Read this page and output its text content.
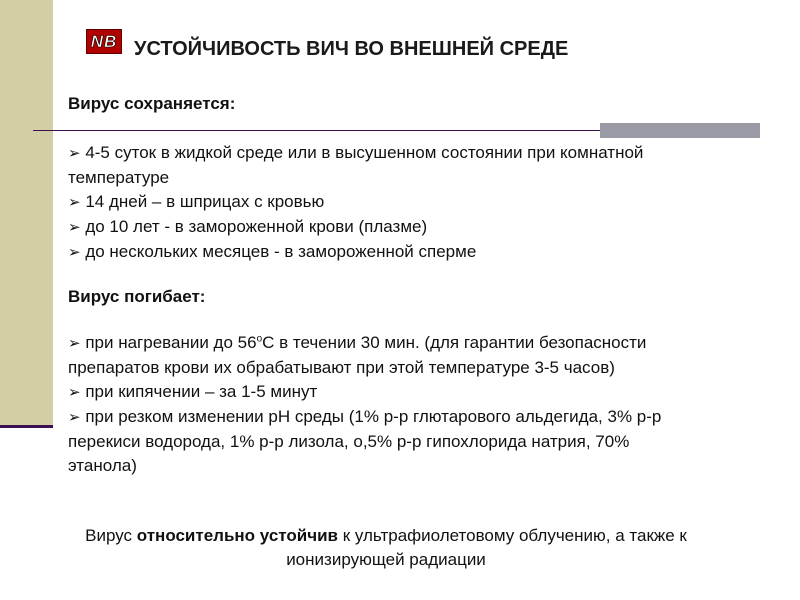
NB УСТОЙЧИВОСТЬ ВИЧ ВО ВНЕШНЕЙ СРЕДЕ
Вирус сохраняется:

➢ 4-5 суток в жидкой среде или в высушенном состоянии при комнатной температуре

➢ 14 дней – в шприцах с кровью

➢ до 10 лет - в замороженной крови (плазме)

➢ до нескольких месяцев - в замороженной сперме

Вирус погибает:

➢ при нагревании до $56^оС$ в течении 30 мин. (для гарантии безопасности препаратов крови их обрабатывают при этой температуре 3-5 часов)

➢ при кипячении – за 1-5 минут

➢ при резком изменении pH среды (1% р-р глютарового альдегида, 3% р-р перекиси водорода, 1% р-р лизола, о,5% р-р гипохлорида натрия, 70% этанола)

Вирус относительно устойчив к ультрафиолетовому облучению, а также к ионизирующей радиации
